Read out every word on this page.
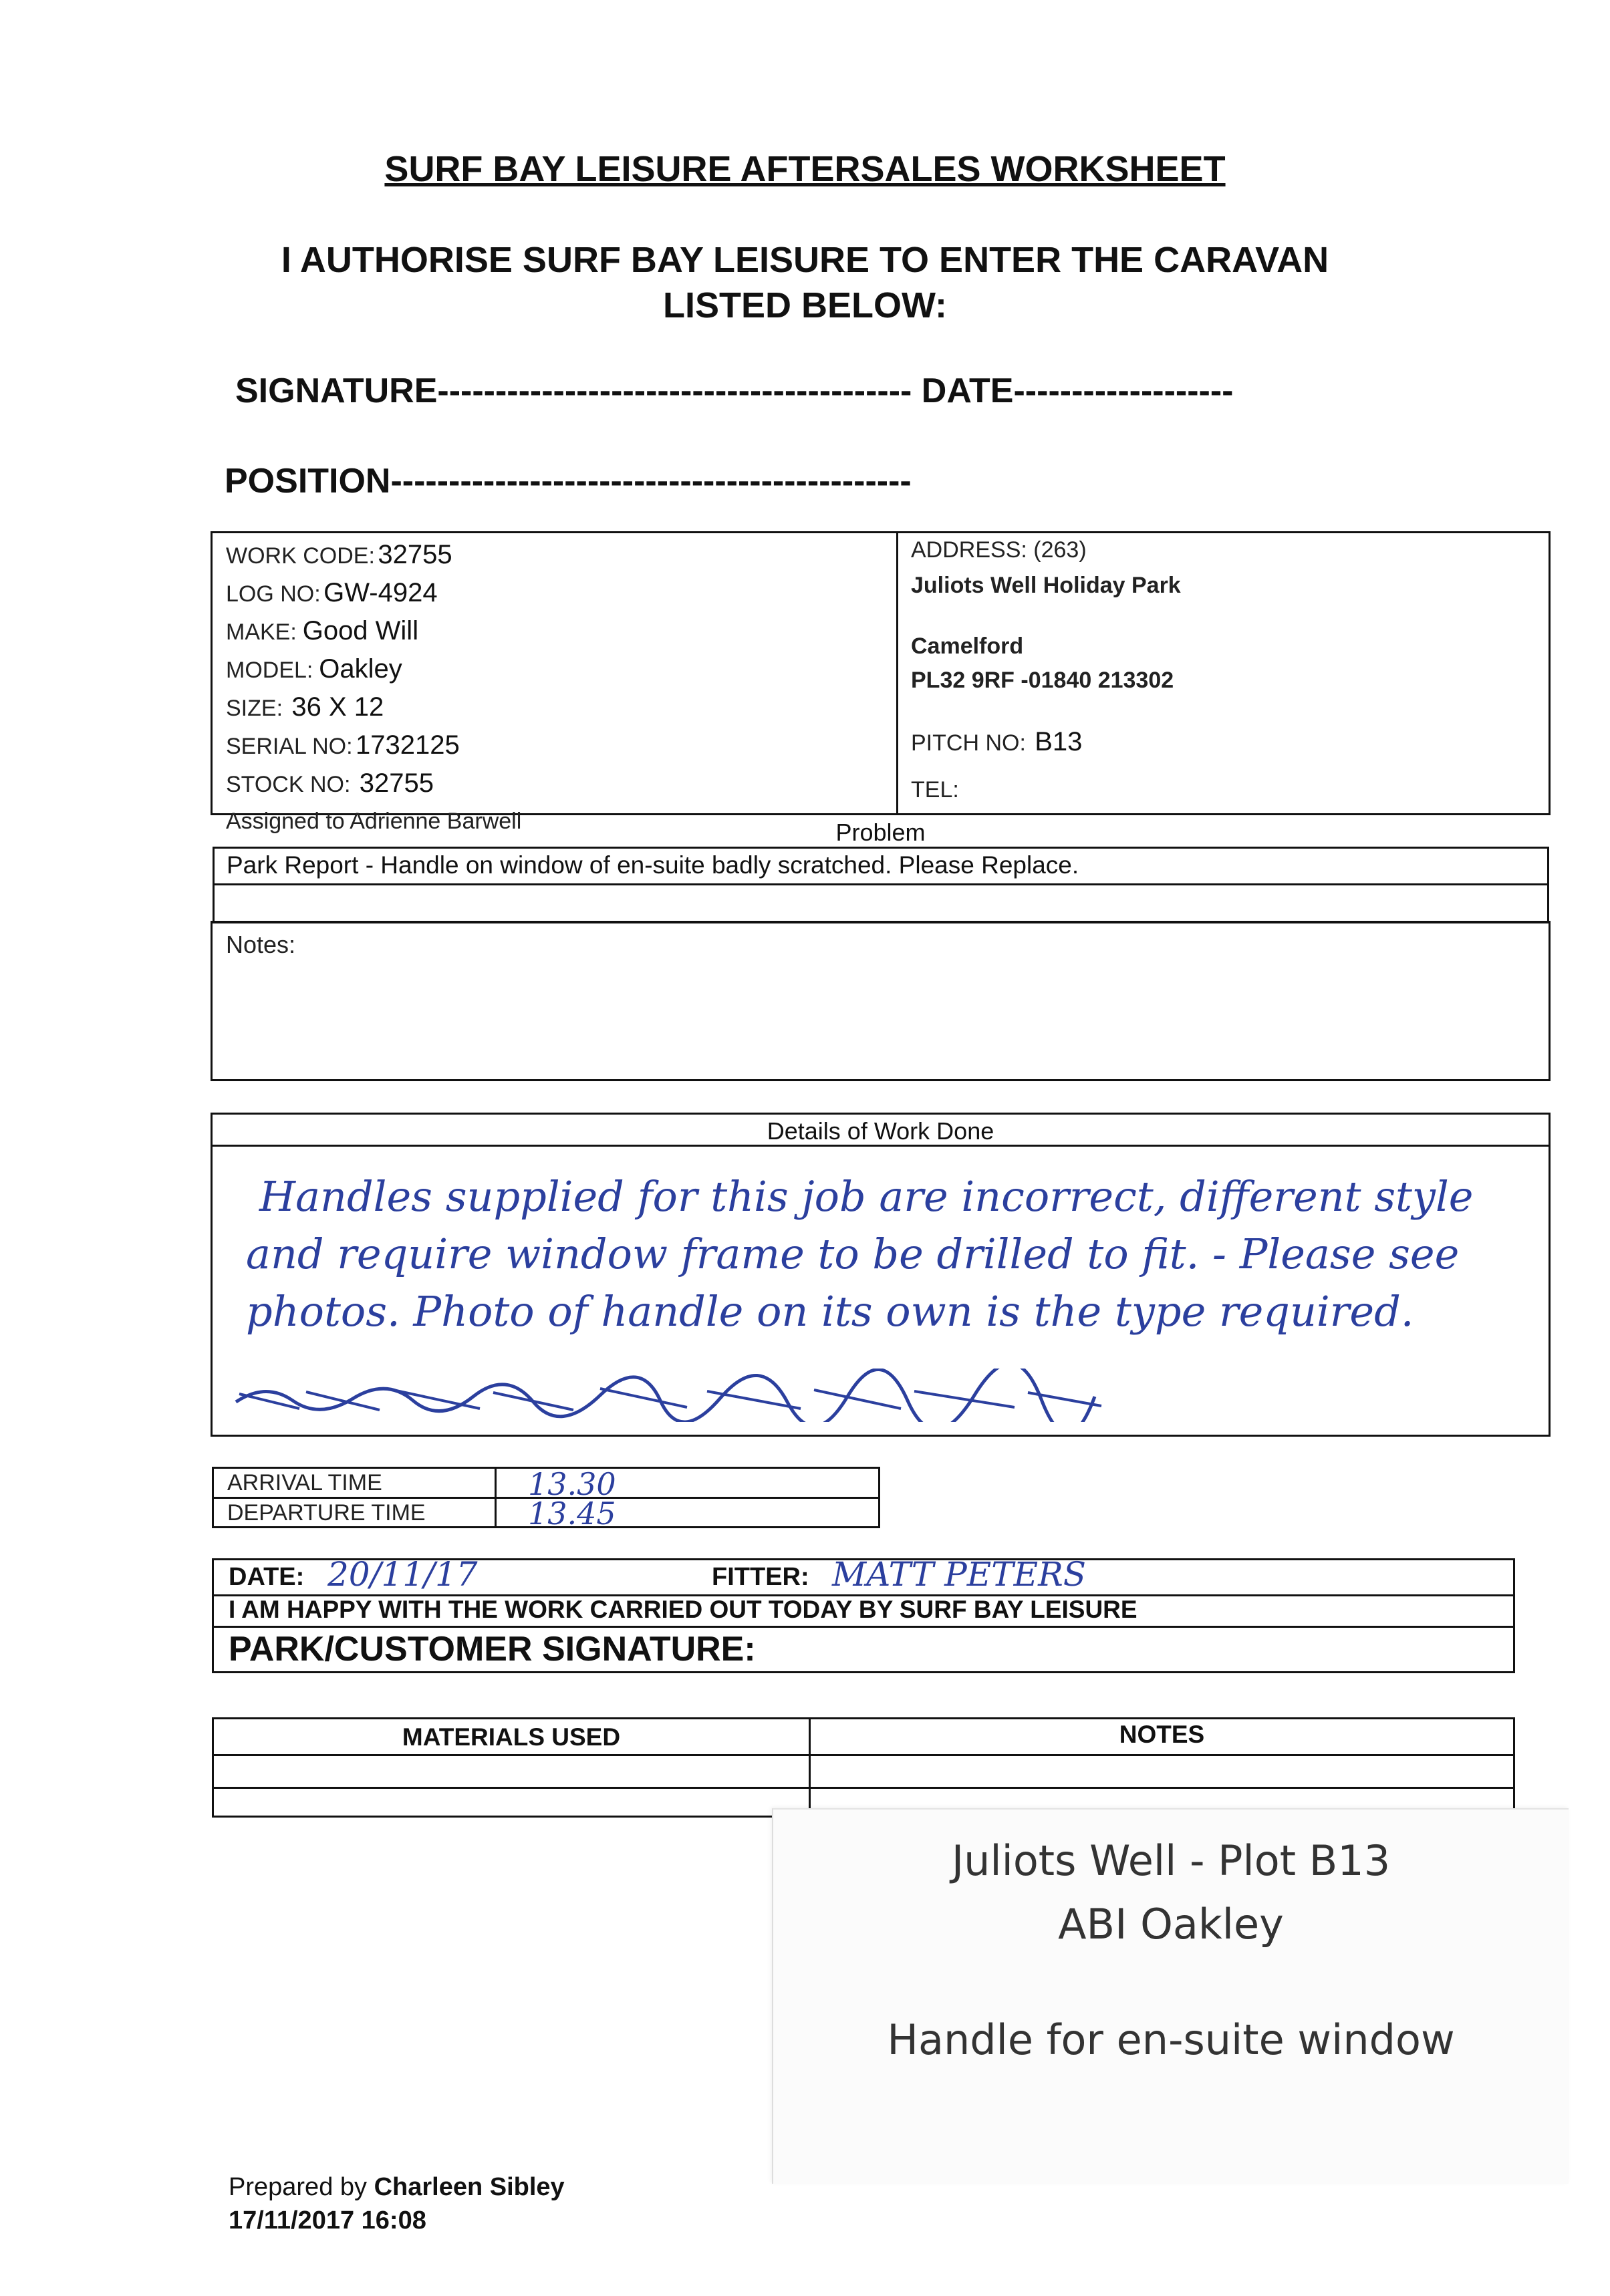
SURF BAY LEISURE AFTERSALES WORKSHEET
I AUTHORISE SURF BAY LEISURE TO ENTER THE CARAVAN
LISTED BELOW:
SIGNATURE----------------------------------------- DATE-------------------
POSITION---------------------------------------------
WORK CODE: 32755
LOG NO: GW-4924
MAKE: Good Will
MODEL: Oakley
SIZE: 36 X 12
SERIAL NO: 1732125
STOCK NO: 32755
Assigned to Adrienne Barwell
ADDRESS: (263)
Juliots Well Holiday Park
Camelford
PL32 9RF -01840 213302
PITCH NO: B13
TEL:
Problem
Park Report - Handle on window of en-suite badly scratched. Please Replace.
Notes:
Details of Work Done
Handles supplied for this job are incorrect, different style
and require window frame to be drilled to fit. - Please see
photos. Photo of handle on its own is the type required.
ARRIVAL TIME
DEPARTURE TIME
13.30
13.45
DATE: 20/11/17	FITTER: MATT PETERS
I AM HAPPY WITH THE WORK CARRIED OUT TODAY BY SURF BAY LEISURE
PARK/CUSTOMER SIGNATURE:
MATERIALS USED	NOTES
Juliots Well - Plot B13
ABI Oakley
Handle for en-suite window
Prepared by Charleen Sibley
17/11/2017 16:08
